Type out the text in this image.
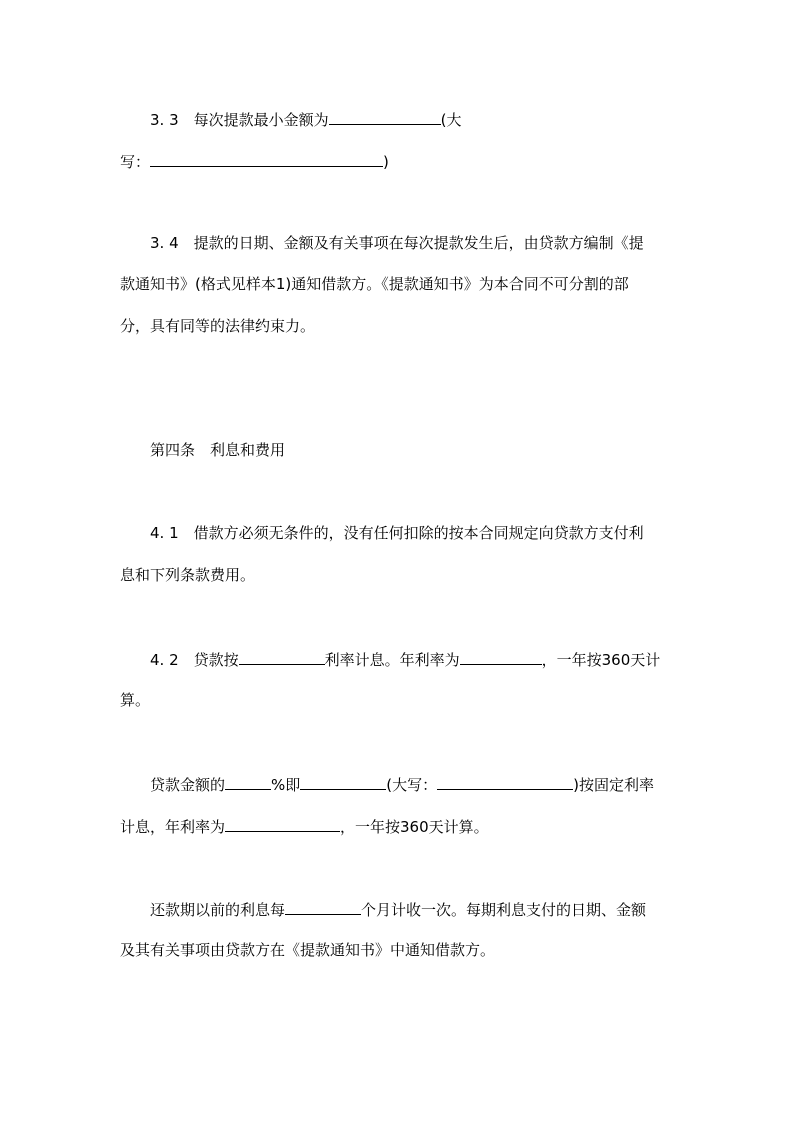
3. 3　每次提款最小金额为	(大
写：	)
3. 4　提款的日期、金额及有关事项在每次提款发生后，由贷款方编制《提
款通知书》(格式见样本1)通知借款方。《提款通知书》为本合同不可分割的部
分，具有同等的法律约束力。
第四条　利息和费用
4. 1　借款方必须无条件的，没有任何扣除的按本合同规定向贷款方支付利
息和下列条款费用。
4. 2　贷款按	利率计息。年利率为	，一年按360天计
算。
贷款金额的	%即	(大写：	)按固定利率
计息，年利率为	，一年按360天计算。
还款期以前的利息每	个月计收一次。每期利息支付的日期、金额
及其有关事项由贷款方在《提款通知书》中通知借款方。
